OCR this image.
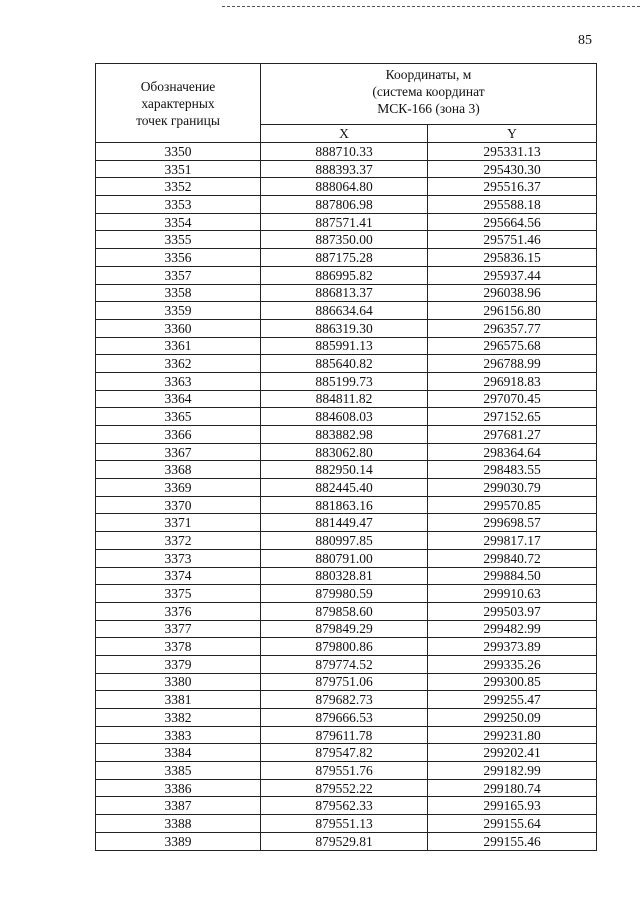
85
Обозначение
характерных
точек границы	Координаты, м
(система координат
МСК-166 (зона 3)	
	X	Y
3350	888710.33	295331.13
3351	888393.37	295430.30
3352	888064.80	295516.37
3353	887806.98	295588.18
3354	887571.41	295664.56
3355	887350.00	295751.46
3356	887175.28	295836.15
3357	886995.82	295937.44
3358	886813.37	296038.96
3359	886634.64	296156.80
3360	886319.30	296357.77
3361	885991.13	296575.68
3362	885640.82	296788.99
3363	885199.73	296918.83
3364	884811.82	297070.45
3365	884608.03	297152.65
3366	883882.98	297681.27
3367	883062.80	298364.64
3368	882950.14	298483.55
3369	882445.40	299030.79
3370	881863.16	299570.85
3371	881449.47	299698.57
3372	880997.85	299817.17
3373	880791.00	299840.72
3374	880328.81	299884.50
3375	879980.59	299910.63
3376	879858.60	299503.97
3377	879849.29	299482.99
3378	879800.86	299373.89
3379	879774.52	299335.26
3380	879751.06	299300.85
3381	879682.73	299255.47
3382	879666.53	299250.09
3383	879611.78	299231.80
3384	879547.82	299202.41
3385	879551.76	299182.99
3386	879552.22	299180.74
3387	879562.33	299165.93
3388	879551.13	299155.64
3389	879529.81	299155.46
